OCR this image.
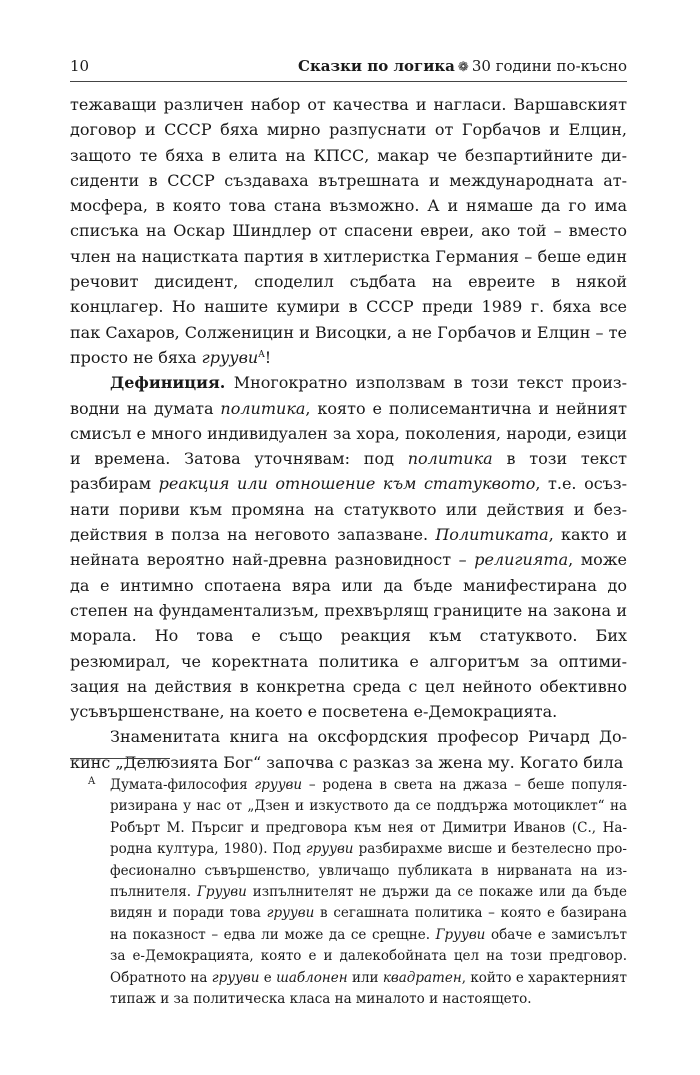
10	Сказки по логика ❁ 30 години по-късно

тежаващи различен набор от качества и нагласи. Варшавският договор и СССР бяха мирно разпуснати от Горбачов и Елцин, защото те бяха в елита на КПСС, макар че безпартийните дисиденти в СССР създаваха вътрешната и международната атмосфера, в която това стана възможно. А и нямаше да го има списъка на Оскар Шиндлер от спасени евреи, ако той – вместо член на нацистката партия в хитлеристка Германия – беше един речовит дисидент, споделил съдбата на евреите в някой концлагер. Но нашите кумири в СССР преди 1989 г. бяха все пак Сахаров, Солженицин и Висоцки, а не Горбачов и Елцин – те просто не бяха грууви$^A$!

Дефиниция. Многократно използвам в този текст производни на думата политика, която е полисемантична и нейният смисъл е много индивидуален за хора, поколения, народи, езици и времена. Затова уточнявам: под политика в този текст разбирам реакция или отношение към статуквото, т.е. осъзнати пориви към промяна на статуквото или действия и бездействия в полза на неговото запазване. Политиката, както и нейната вероятно най-древна разновидност – религията, може да е интимно спотаена вяра или да бъде манифестирана до степен на фундаментализъм, прехвърлящ границите на закона и морала. Но това е също реакция към статуквото. Бих резюмирал, че коректната политика е алгоритъм за оптимизация на действия в конкретна среда с цел нейното обективно усъвършенстване, на което е посветена е-Демокрацията.

Знаменитата книга на оксфордския професор Ричард Докинс „Делюзията Бог“ започва с разказ за жена му. Когато била

A Думата-философия грууви – родена в света на джаза – беше популяризирана у нас от „Дзен и изкуството да се поддържа мотоциклет“ на Робърт М. Пърсиг и предговора към нея от Димитри Иванов (С., Народна култура, 1980). Под грууви разбирахме висше и безтелесно професионално съвършенство, увличащо публиката в нирваната на изпълнителя. Грууви изпълнителят не държи да се покаже или да бъде видян и поради това грууви в сегашната политика – която е базирана на показност – едва ли може да се срещне. Грууви обаче е замисълът за е-Демокрацията, която е и далекобойната цел на този предговор. Обратното на грууви е шаблонен или квадратен, който е характерният типаж и за политическа класа на миналото и настоящето.
